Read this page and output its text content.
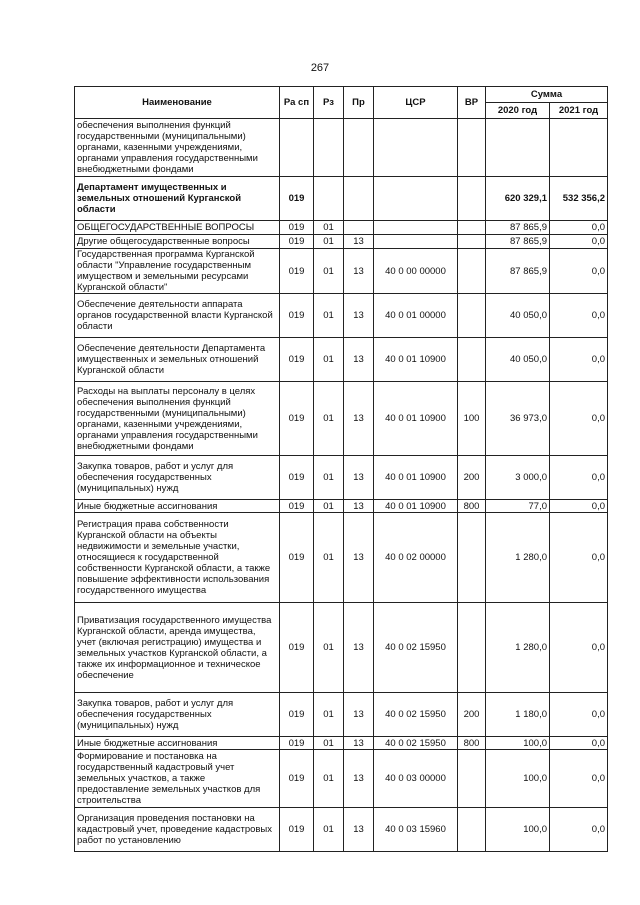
267
Наименование	Ра сп	Рз	Пр	ЦСР	ВР	Сумма	
						2020 год	2021 год
обеспечения выполнения функций государственными (муниципальными) органами, казенными учреждениями, органами управления государственными внебюджетными фондами							
Департамент имущественных и земельных отношений Курганской области	019					620 329,1	532 356,2
ОБЩЕГОСУДАРСТВЕННЫЕ ВОПРОСЫ	019	01				87 865,9	0,0
Другие общегосударственные вопросы	019	01	13			87 865,9	0,0
Государственная программа Курганской области "Управление государственным имуществом и земельными ресурсами Курганской области"	019	01	13	40 0 00 00000		87 865,9	0,0
Обеспечение деятельности аппарата органов государственной власти Курганской области	019	01	13	40 0 01 00000		40 050,0	0,0
Обеспечение деятельности Департамента имущественных и земельных отношений Курганской области	019	01	13	40 0 01 10900		40 050,0	0,0
Расходы на выплаты персоналу в целях обеспечения выполнения функций государственными (муниципальными) органами, казенными учреждениями, органами управления государственными внебюджетными фондами	019	01	13	40 0 01 10900	100	36 973,0	0,0
Закупка товаров, работ и услуг для обеспечения государственных (муниципальных) нужд	019	01	13	40 0 01 10900	200	3 000,0	0,0
Иные бюджетные ассигнования	019	01	13	40 0 01 10900	800	77,0	0,0
Регистрация права собственности Курганской области на объекты недвижимости и земельные участки, относящиеся к государственной собственности Курганской области, а также повышение эффективности использования государственного имущества	019	01	13	40 0 02 00000		1 280,0	0,0
Приватизация государственного имущества Курганской области, аренда имущества, учет (включая регистрацию) имущества и земельных участков Курганской области, а также их информационное и техническое обеспечение	019	01	13	40 0 02 15950		1 280,0	0,0
Закупка товаров, работ и услуг для обеспечения государственных (муниципальных) нужд	019	01	13	40 0 02 15950	200	1 180,0	0,0
Иные бюджетные ассигнования	019	01	13	40 0 02 15950	800	100,0	0,0
Формирование и постановка на государственный кадастровый учет земельных участков, а также предоставление земельных участков для строительства	019	01	13	40 0 03 00000		100,0	0,0
Организация проведения постановки на кадастровый учет, проведение кадастровых работ по установлению	019	01	13	40 0 03 15960		100,0	0,0
